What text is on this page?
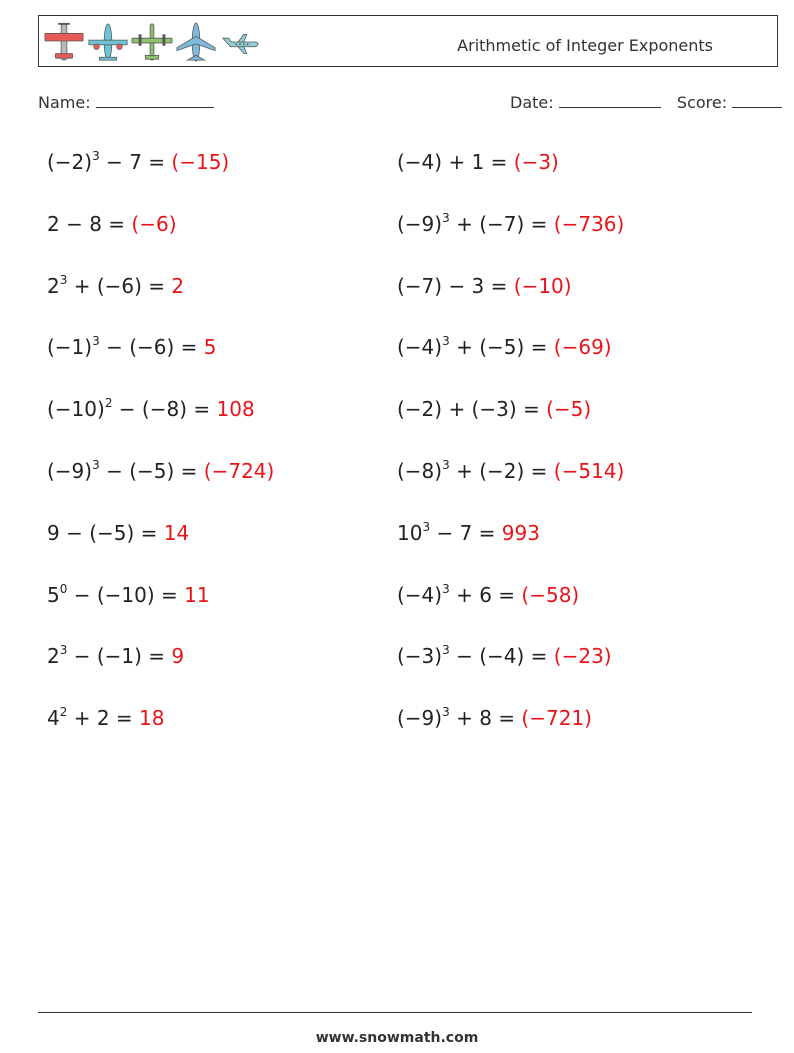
Arithmetic of Integer Exponents
Name:	Date:	Score:
$(-2)^3 - 7 = (-15)$
2 − 8 = (−6)
$2^3 + (-6) = 2$
$(-1)^3 - (-6) = 5$
$(-10)^2 - (-8) = 108$
$(-9)^3 - (-5) = (-724)$
9 − (−5) = 14
$5^0 - (-10) = 11$
$2^3 - (-1) = 9$
$4^2 + 2 = 18$
(−4) + 1 = (−3)
$(-9)^3 + (-7) = (-736)$
(−7) − 3 = (−10)
$(-4)^3 + (-5) = (-69)$
(−2) + (−3) = (−5)
$(-8)^3 + (-2) = (-514)$
$10^3 - 7 = 993$
$(-4)^3 + 6 = (-58)$
$(-3)^3 - (-4) = (-23)$
$(-9)^3 + 8 = (-721)$
www.snowmath.com
